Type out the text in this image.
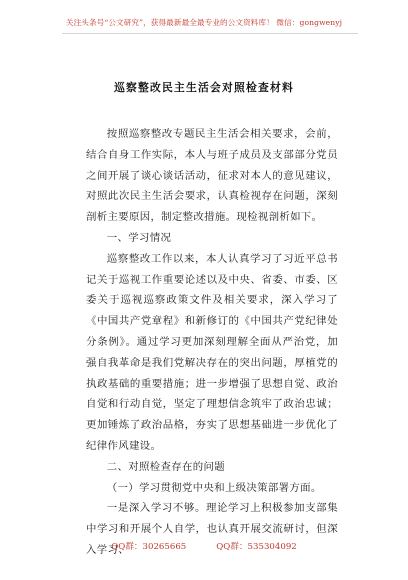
关注头条号“公文研究”，获得最新最全最专业的公文资料库！ 微信：gongwenyj
巡察整改民主生活会对照检查材料

按照巡察整改专题民主生活会相关要求，会前，结合自身工作实际，本人与班子成员及支部部分党员之间开展了谈心谈话活动，征求对本人的意见建议，对照此次民主生活会要求，认真检视存在问题，深刻剖析主要原因，制定整改措施。现检视剖析如下。

一、学习情况

巡察整改工作以来，本人认真学习了习近平总书记关于巡视工作重要论述以及中央、省委、市委、区委关于巡视巡察政策文件及相关要求，深入学习了《中国共产党章程》和新修订的《中国共产党纪律处分条例》。通过学习更加深刻理解全面从严治党，加强自我革命是我们党解决存在的突出问题，厚植党的执政基础的重要措施；进一步增强了思想自觉、政治自觉和行动自觉，坚定了理想信念筑牢了政治忠诚；更加锤炼了政治品格，夯实了思想基础进一步优化了纪律作风建设。

二、对照检查存在的问题

（一）学习贯彻党中央和上级决策部署方面。

一是深入学习不够。理论学习上积极参加支部集中学习和开展个人自学，也认真开展交流研讨，但深入学习、

QQ群：30265665	QQ群：535304092
